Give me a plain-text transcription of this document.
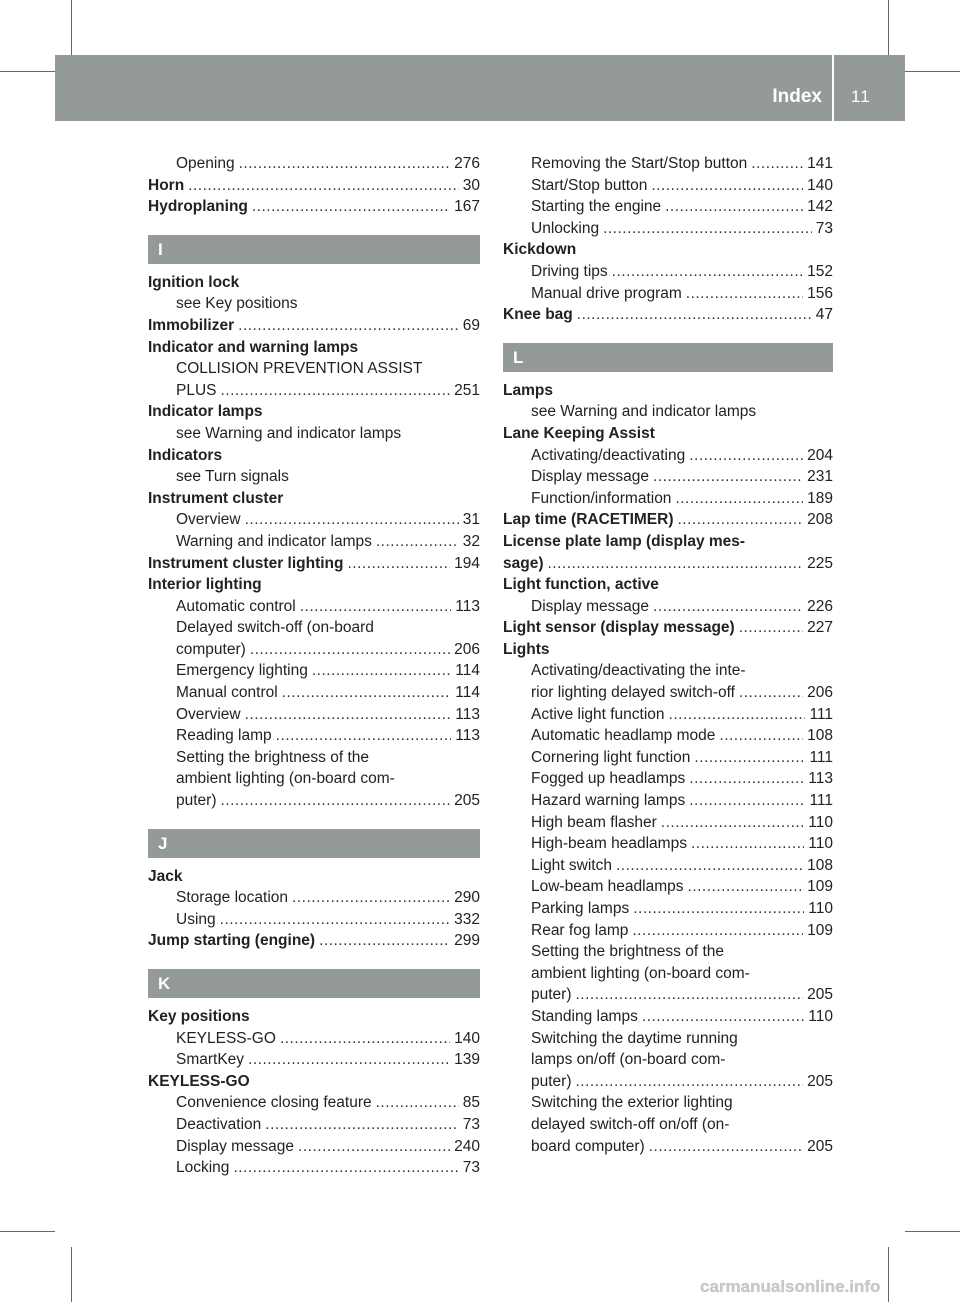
Index 11
Opening .....	276
Horn .....	30
Hydroplaning .....	167
I
Ignition lock
see Key positions
Immobilizer .....	69
Indicator and warning lamps
COLLISION PREVENTION ASSIST
PLUS .....	251
Indicator lamps
see Warning and indicator lamps
Indicators
see Turn signals
Instrument cluster
Overview .....	31
Warning and indicator lamps .....	32
Instrument cluster lighting .....	194
Interior lighting
Automatic control .....	113
Delayed switch-off (on-board
computer) .....	206
Emergency lighting .....	114
Manual control .....	114
Overview .....	113
Reading lamp .....	113
Setting the brightness of the
ambient lighting (on-board com-
puter) .....	205
J
Jack
Storage location .....	290
Using .....	332
Jump starting (engine) .....	299
K
Key positions
KEYLESS-GO .....	140
SmartKey .....	139
KEYLESS-GO
Convenience closing feature .....	85
Deactivation .....	73
Display message .....	240
Locking .....	73
Removing the Start/Stop button .....	141
Start/Stop button .....	140
Starting the engine .....	142
Unlocking .....	73
Kickdown
Driving tips .....	152
Manual drive program .....	156
Knee bag .....	47
L
Lamps
see Warning and indicator lamps
Lane Keeping Assist
Activating/deactivating .....	204
Display message .....	231
Function/information .....	189
Lap time (RACETIMER) .....	208
License plate lamp (display mes-
sage) .....	225
Light function, active
Display message .....	226
Light sensor (display message) .....	227
Lights
Activating/deactivating the inte-
rior lighting delayed switch-off .....	206
Active light function .....	111
Automatic headlamp mode .....	108
Cornering light function .....	111
Fogged up headlamps .....	113
Hazard warning lamps .....	111
High beam flasher .....	110
High-beam headlamps .....	110
Light switch .....	108
Low-beam headlamps .....	109
Parking lamps .....	110
Rear fog lamp .....	109
Setting the brightness of the
ambient lighting (on-board com-
puter) .....	205
Standing lamps .....	110
Switching the daytime running
lamps on/off (on-board com-
puter) .....	205
Switching the exterior lighting
delayed switch-off on/off (on-
board computer) .....	205
carmanualsonline.info
